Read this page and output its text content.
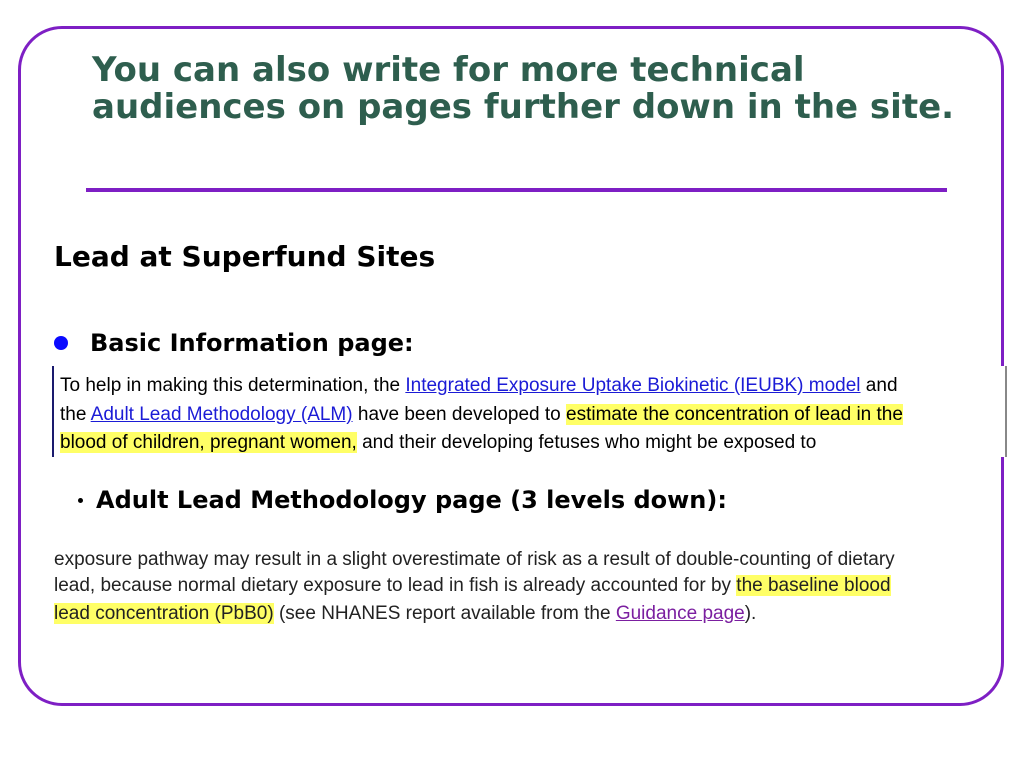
You can also write for more technical audiences on pages further down in the site.
Lead at Superfund Sites
Basic Information page:
To help in making this determination, the Integrated Exposure Uptake Biokinetic (IEUBK) model and
the Adult Lead Methodology (ALM) have been developed to estimate the concentration of lead in the
blood of children, pregnant women, and their developing fetuses who might be exposed to
Adult Lead Methodology page (3 levels down):
exposure pathway may result in a slight overestimate of risk as a result of double-counting of dietary
lead, because normal dietary exposure to lead in fish is already accounted for by the baseline blood
lead concentration (PbB0) (see NHANES report available from the Guidance page).
